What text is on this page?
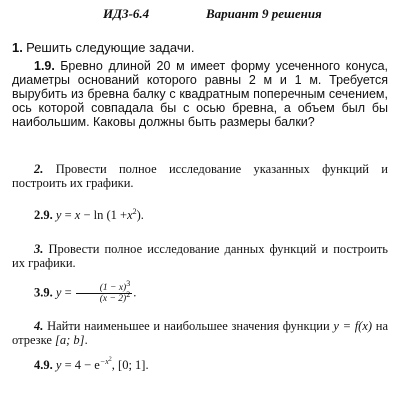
ИДЗ-6.4	Вариант 9 решения
1. Решить следующие задачи.
1.9. Бревно длиной 20 м имеет форму усеченного конуса, диаметры оснований которого равны 2 м и 1 м. Требуется вырубить из бревна балку с квадратным поперечным сечением, ось которой совпадала бы с осью бревна, а объем был бы наибольшим. Каковы должны быть размеры балки?
2. Провести полное исследование указанных функций и построить их графики.
2.9. $y = x - \ln (1 +x^2)$.
3. Провести полное исследование данных функций и построить их графики.
3.9. $y = \frac{(1 - x)^3}{(x - 2)^2}$ .
4. Найти наименьшее и наибольшее значения функции y = f(x) на отрезке [a; b].
4.9. $y = 4 - e^{-x^2}$, [0; 1].
